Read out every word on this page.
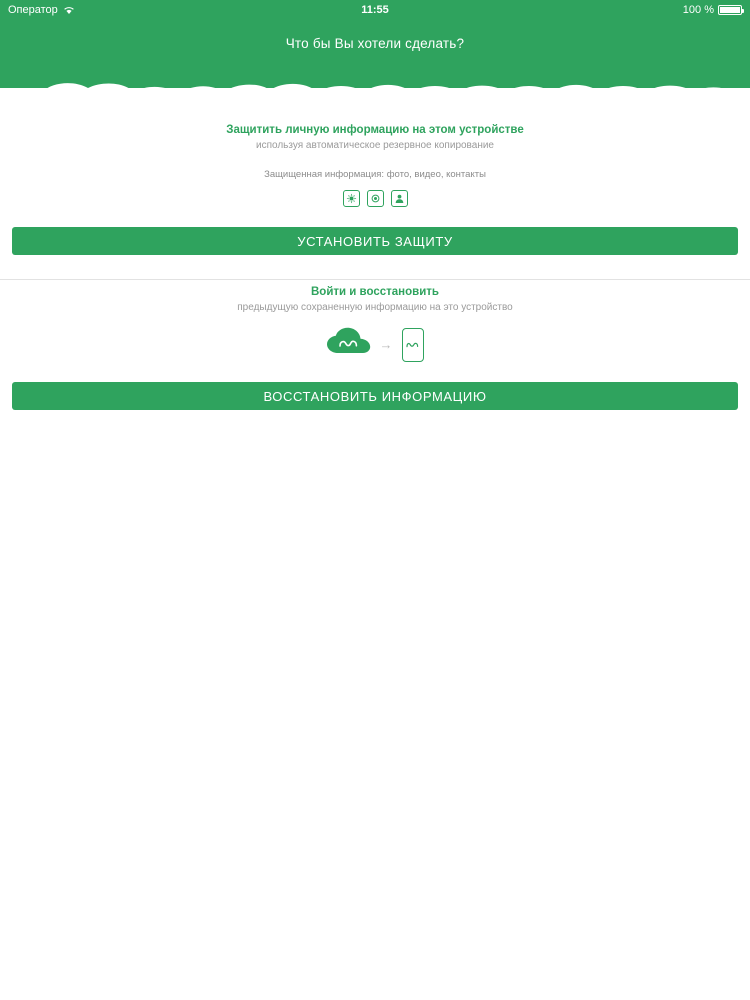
Оператор	11:55	100 %
Что бы Вы хотели сделать?

Защитить личную информацию на этом устройстве

используя автоматическое резервное копирование

Защищенная информация: фото, видео, контакты

УСТАНОВИТЬ ЗАЩИТУ

Войти и восстановить

предыдущую сохраненную информацию на это устройство

→
ВОССТАНОВИТЬ ИНФОРМАЦИЮ
